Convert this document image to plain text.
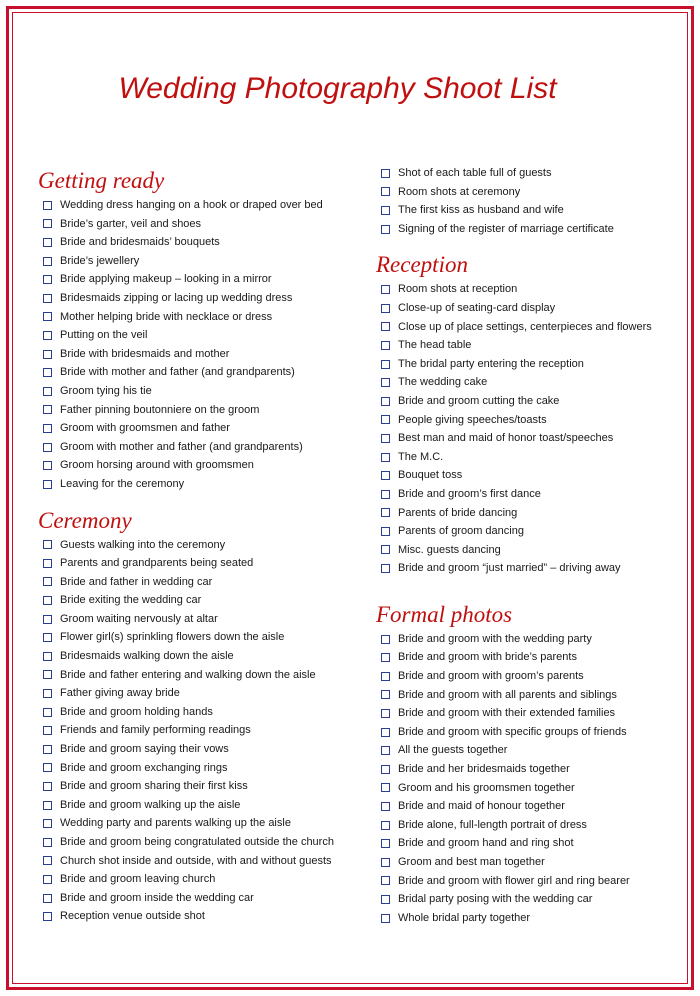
Wedding Photography Shoot List
Getting ready
Wedding dress hanging on a hook or draped over bed
Bride’s garter, veil and shoes
Bride and bridesmaids’ bouquets
Bride’s jewellery
Bride applying makeup – looking in a mirror
Bridesmaids zipping or lacing up wedding dress
Mother helping bride with necklace or dress
Putting on the veil
Bride with bridesmaids and mother
Bride with mother and father (and grandparents)
Groom tying his tie
Father pinning boutonniere on the groom
Groom with groomsmen and father
Groom with mother and father (and grandparents)
Groom horsing around with groomsmen
Leaving for the ceremony
Ceremony
Guests walking into the ceremony
Parents and grandparents being seated
Bride and father in wedding car
Bride exiting the wedding car
Groom waiting nervously at altar
Flower girl(s) sprinkling flowers down the aisle
Bridesmaids walking down the aisle
Bride and father entering and walking down the aisle
Father giving away bride
Bride and groom holding hands
Friends and family performing readings
Bride and groom saying their vows
Bride and groom exchanging rings
Bride and groom sharing their first kiss
Bride and groom walking up the aisle
Wedding party and parents walking up the aisle
Bride and groom being congratulated outside the church
Church shot inside and outside, with and without guests
Bride and groom leaving church
Bride and groom inside the wedding car
Reception venue outside shot
Shot of each table full of guests
Room shots at ceremony
The first kiss as husband and wife
Signing of the register of marriage certificate
Reception
Room shots at reception
Close-up of seating-card display
Close up of place settings, centerpieces and flowers
The head table
The bridal party entering the reception
The wedding cake
Bride and groom cutting the cake
People giving speeches/toasts
Best man and maid of honor toast/speeches
The M.C.
Bouquet toss
Bride and groom’s first dance
Parents of bride dancing
Parents of groom dancing
Misc. guests dancing
Bride and groom “just married” – driving away
Formal photos
Bride and groom with the wedding party
Bride and groom with bride’s parents
Bride and groom with groom’s parents
Bride and groom with all parents and siblings
Bride and groom with their extended families
Bride and groom with specific groups of friends
All the guests together
Bride and her bridesmaids together
Groom and his groomsmen together
Bride and maid of honour together
Bride alone, full-length portrait of dress
Bride and groom hand and ring shot
Groom and best man together
Bride and groom with flower girl and ring bearer
Bridal party posing with the wedding car
Whole bridal party together
